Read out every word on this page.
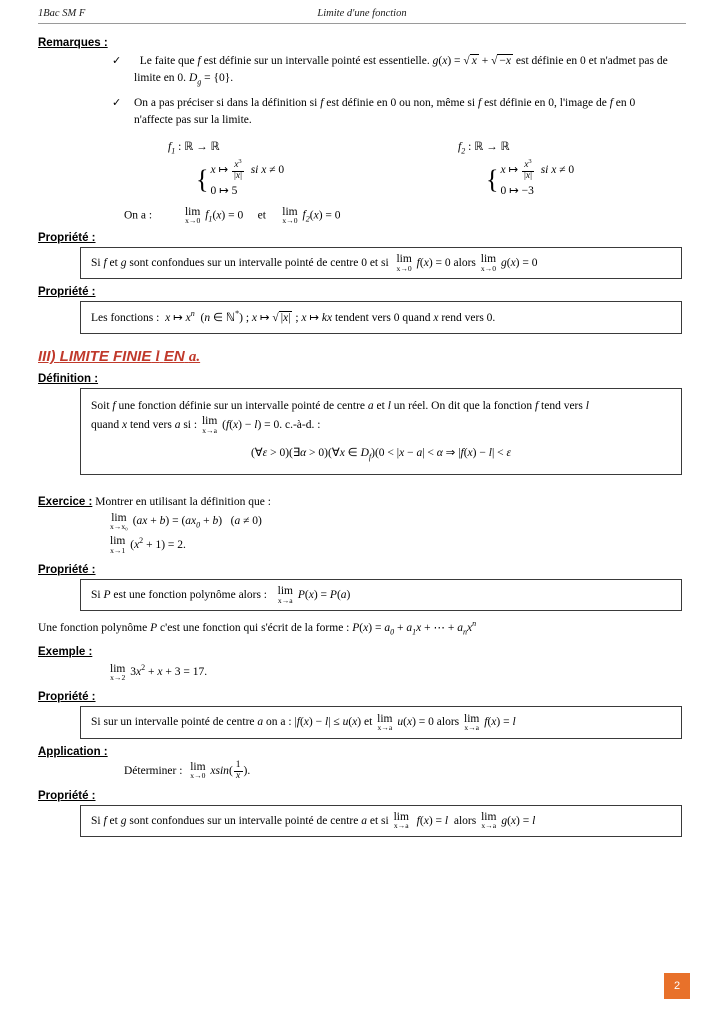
1Bac SM F	Limite d'une fonction
Remarques :
✓ Le faite que f est définie sur un intervalle pointé est essentielle. g(x) = √ x + √ −x est définie en 0 et n'admet pas de limite en 0. $D_g = \{0\}$.
✓ On a pas préciser si dans la définition si f est définie en 0 ou non, même si f est définie en 0, l'image de f en 0 n'affecte pas sur la limite.
$f_1$ : ℝ → ℝ
{ x ↦ $\frac{x^3}{|x|}$ si x ≠ 0
0 ↦ 5
$f_2$ : ℝ → ℝ
{ x ↦ $\frac{x^3}{|x|}$ si x ≠ 0
0 ↦ −3
On a :	lim
x→0 $f_1(x) = 0$ et lim
x→0 $f_2(x) = 0$
Propriété :
Si f et g sont confondues sur un intervalle pointé de centre 0 et si lim
x→0 f(x) = 0 alors lim
x→0 g(x) = 0
Propriété :
Les fonctions :  x ↦ $x^n$  (n ∈ ℕ*) ; x ↦ √ |x| ; x ↦ kx tendent vers 0 quand x rend vers 0.
III) LIMITE FINIE l EN a.
Définition :
Soit f une fonction définie sur un intervalle pointé de centre a et l un réel. On dit que la fonction f tend vers l
quand x tend vers a si : lim
x→a (f(x) − l) = 0. c.-à-d. :
(∀ε > 0)(∃α > 0)(∀x ∈ $D_f)(0 < |x - a| < \alpha$ ⇒ |f(x) − l| < ε
Exercice : Montrer en utilisant la définition que :
lim
x→x₀ $(ax + b) = (ax_0 + b) (a \ne 0)$
lim
x→1 $(x^2 + 1) = 2$.
Propriété :
Si P est une fonction polynôme alors : lim
x→a P(x) = P(a)
Une fonction polynôme P c'est une fonction qui s'écrit de la forme : $P(x) = a_0 + a_1x$ + ⋯ + $a_nx^n$
Exemple :
lim
x→2 $3x^2 + x + 3 = 17$.
Propriété :
Si sur un intervalle pointé de centre a on a : |f(x) − l| ≤ u(x) et lim
x→a u(x) = 0 alors lim
x→a f(x) = l
Application :
Déterminer : lim
x→0 $xsin( \frac{1}{x}$ ).
Propriété :
Si f et g sont confondues sur un intervalle pointé de centre a et si lim
x→a f(x) = l alors lim
x→a g(x) = l
2
